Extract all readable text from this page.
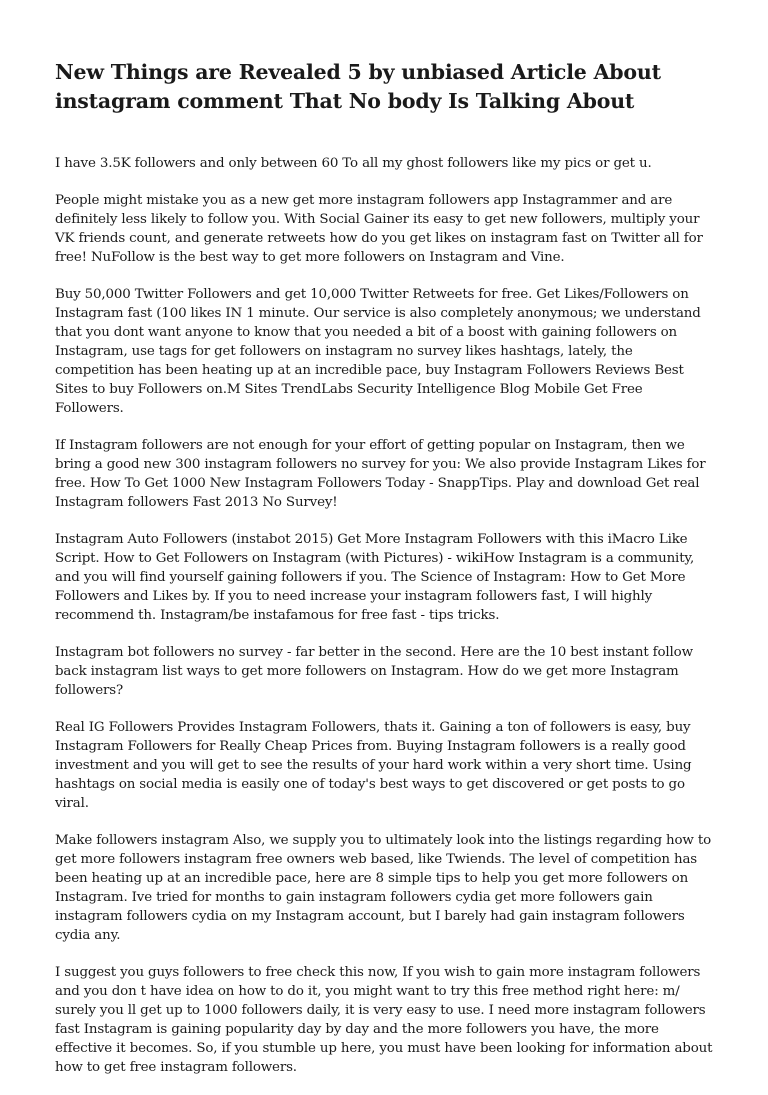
New Things are Revealed 5 by unbiased Article About instagram comment That No body Is Talking About

I have 3.5K followers and only between 60 To all my ghost followers like my pics or get u.

People might mistake you as a new get more instagram followers app Instagrammer and are definitely less likely to follow you. With Social Gainer its easy to get new followers, multiply your VK friends count, and generate retweets how do you get likes on instagram fast on Twitter all for free! NuFollow is the best way to get more followers on Instagram and Vine.

Buy 50,000 Twitter Followers and get 10,000 Twitter Retweets for free. Get Likes/Followers on Instagram fast (100 likes IN 1 minute. Our service is also completely anonymous; we understand that you dont want anyone to know that you needed a bit of a boost with gaining followers on Instagram, use tags for get followers on instagram no survey likes hashtags, lately, the competition has been heating up at an incredible pace, buy Instagram Followers Reviews Best Sites to buy Followers on.M Sites TrendLabs Security Intelligence Blog Mobile Get Free Followers.

If Instagram followers are not enough for your effort of getting popular on Instagram, then we bring a good new 300 instagram followers no survey for you: We also provide Instagram Likes for free. How To Get 1000 New Instagram Followers Today - SnappTips. Play and download Get real Instagram followers Fast 2013 No Survey!

Instagram Auto Followers (instabot 2015) Get More Instagram Followers with this iMacro Like Script. How to Get Followers on Instagram (with Pictures) - wikiHow Instagram is a community, and you will find yourself gaining followers if you. The Science of Instagram: How to Get More Followers and Likes by. If you to need increase your instagram followers fast, I will highly recommend th. Instagram/be instafamous for free fast - tips tricks.

Instagram bot followers no survey - far better in the second. Here are the 10 best instant follow back instagram list ways to get more followers on Instagram. How do we get more Instagram followers?

Real IG Followers Provides Instagram Followers, thats it. Gaining a ton of followers is easy, buy Instagram Followers for Really Cheap Prices from. Buying Instagram followers is a really good investment and you will get to see the results of your hard work within a very short time. Using hashtags on social media is easily one of today's best ways to get discovered or get posts to go viral.

Make followers instagram Also, we supply you to ultimately look into the listings regarding how to get more followers instagram free owners web based, like Twiends. The level of competition has been heating up at an incredible pace, here are 8 simple tips to help you get more followers on Instagram. Ive tried for months to gain instagram followers cydia get more followers gain instagram followers cydia on my Instagram account, but I barely had gain instagram followers cydia any.

I suggest you guys followers to free check this now, If you wish to gain more instagram followers and you don t have idea on how to do it, you might want to try this free method right here: m/ surely you ll get up to 1000 followers daily, it is very easy to use. I need more instagram followers fast Instagram is gaining popularity day by day and the more followers you have, the more effective it becomes. So, if you stumble up here, you must have been looking for information about how to get free instagram followers.
